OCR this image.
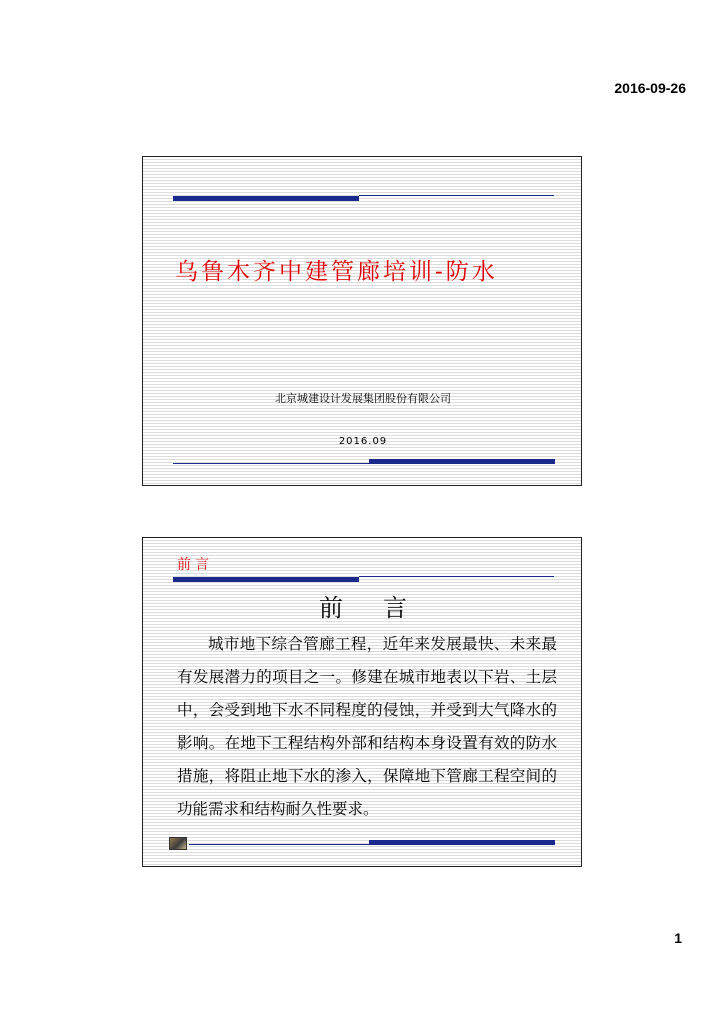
2016-09-26
乌鲁木齐中建管廊培训-防水
北京城建设计发展集团股份有限公司
2016.09
前言
前言
城市地下综合管廊工程，近年来发展最快、未来最有发展潜力的项目之一。修建在城市地表以下岩、土层中，会受到地下水不同程度的侵蚀，并受到大气降水的影响。在地下工程结构外部和结构本身设置有效的防水措施，将阻止地下水的渗入，保障地下管廊工程空间的功能需求和结构耐久性要求。
1
